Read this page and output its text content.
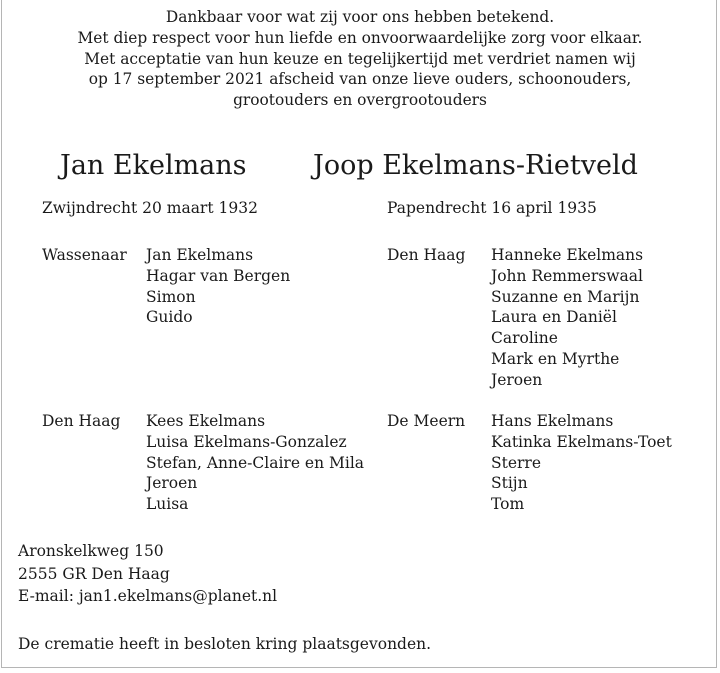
Dankbaar voor wat zij voor ons hebben betekend.
Met diep respect voor hun liefde en onvoorwaardelijke zorg voor elkaar.
Met acceptatie van hun keuze en tegelijkertijd met verdriet namen wij
op 17 september 2021 afscheid van onze lieve ouders, schoonouders,
grootouders en overgrootouders
Jan Ekelmans Joop Ekelmans-Rietveld
Zwijndrecht 20 maart 1932	Papendrecht 16 april 1935
Wassenaar Jan Ekelmans
Hagar van Bergen
Simon
Guido
Den Haag Hanneke Ekelmans
John Remmerswaal
Suzanne en Marijn
Laura en Daniël
Caroline
Mark en Myrthe
Jeroen
Den Haag Kees Ekelmans
Luisa Ekelmans-Gonzalez
Stefan, Anne-Claire en Mila
Jeroen
Luisa
De Meern Hans Ekelmans
Katinka Ekelmans-Toet
Sterre
Stijn
Tom
Aronskelkweg 150
2555 GR Den Haag
E-mail: jan1.ekelmans@planet.nl
De crematie heeft in besloten kring plaatsgevonden.
